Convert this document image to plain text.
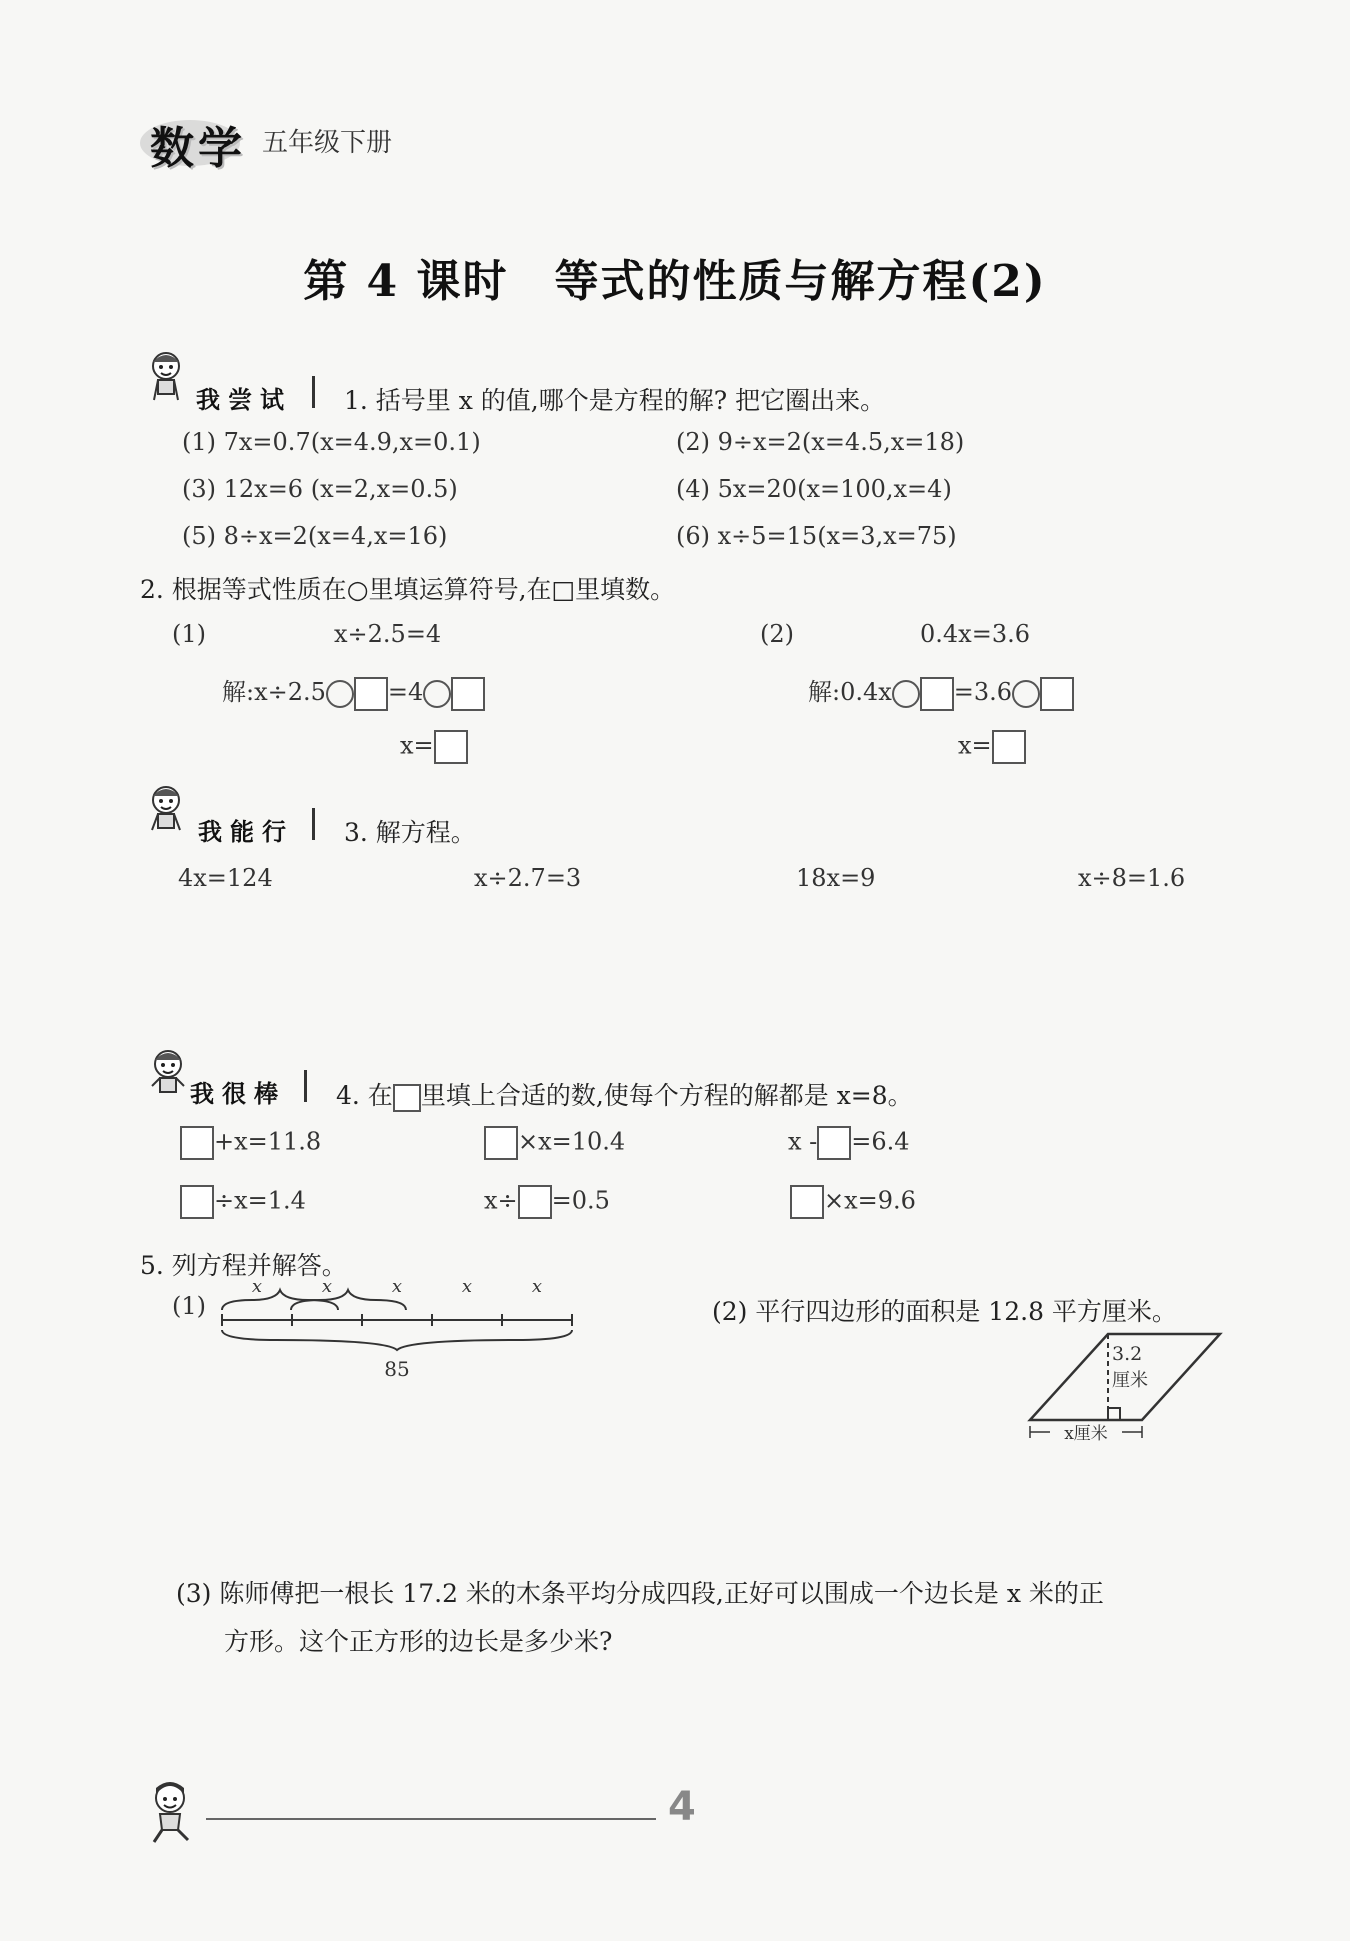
数学 五年级下册
第 4 课时　等式的性质与解方程(2)
我尝试 1. 括号里 x 的值,哪个是方程的解? 把它圈出来。
(1) 7x=0.7(x=4.9,x=0.1)	(2) 9÷x=2(x=4.5,x=18)
(3) 12x=6 (x=2,x=0.5)	(4) 5x=20(x=100,x=4)
(5) 8÷x=2(x=4,x=16)	(6) x÷5=15(x=3,x=75)
2. 根据等式性质在○里填运算符号,在□里填数。
(1)	x÷2.5=4
解:x÷2.5	=4
x=
(2)	0.4x=3.6
解:0.4x	=3.6
x=
我能行 3. 解方程。
4x=124	x÷2.7=3	18x=9	x÷8=1.6
我很棒 4. 在 里填上合适的数,使每个方程的解都是 x=8。
+x=11.8	×x=10.4	x - =6.4
÷x=1.4	x÷ =0.5	×x=9.6
5. 列方程并解答。
(1)
x	x	x	x	x
85
(2) 平行四边形的面积是 12.8 平方厘米。
3.2
厘米
x厘米
(3) 陈师傅把一根长 17.2 米的木条平均分成四段,正好可以围成一个边长是 x 米的正
方形。这个正方形的边长是多少米?
4
